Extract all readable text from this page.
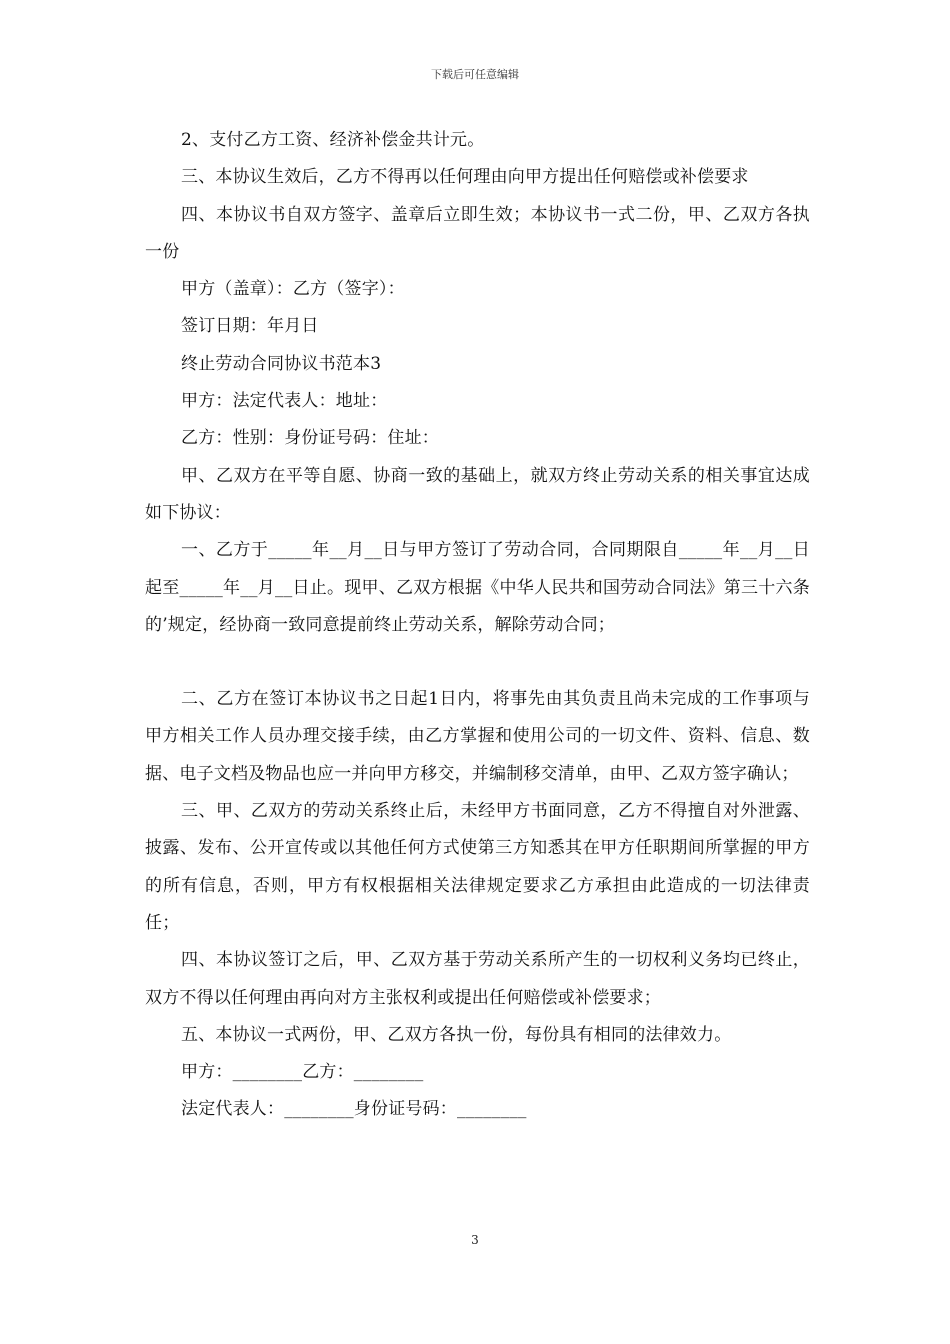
下载后可任意编辑

2、支付乙方工资、经济补偿金共计元。

三、本协议生效后，乙方不得再以任何理由向甲方提出任何赔偿或补偿要求

四、本协议书自双方签字、盖章后立即生效；本协议书一式二份，甲、乙双方各执一份

甲方（盖章）：乙方（签字）：

签订日期：年月日

终止劳动合同协议书范本3

甲方：法定代表人：地址：

乙方：性别：身份证号码：住址：

甲、乙双方在平等自愿、协商一致的基础上，就双方终止劳动关系的相关事宜达成如下协议：

一、乙方于_____年__月__日与甲方签订了劳动合同，合同期限自_____年__月__日起至_____年__月__日止。现甲、乙双方根据《中华人民共和国劳动合同法》第三十六条的’规定，经协商一致同意提前终止劳动关系，解除劳动合同；

二、乙方在签订本协议书之日起1日内，将事先由其负责且尚未完成的工作事项与甲方相关工作人员办理交接手续，由乙方掌握和使用公司的一切文件、资料、信息、数据、电子文档及物品也应一并向甲方移交，并编制移交清单，由甲、乙双方签字确认；

三、甲、乙双方的劳动关系终止后，未经甲方书面同意，乙方不得擅自对外泄露、披露、发布、公开宣传或以其他任何方式使第三方知悉其在甲方任职期间所掌握的甲方的所有信息，否则，甲方有权根据相关法律规定要求乙方承担由此造成的一切法律责任；

四、本协议签订之后，甲、乙双方基于劳动关系所产生的一切权利义务均已终止，双方不得以任何理由再向对方主张权利或提出任何赔偿或补偿要求；

五、本协议一式两份，甲、乙双方各执一份，每份具有相同的法律效力。

甲方：________乙方：________

法定代表人：________身份证号码：________

3
